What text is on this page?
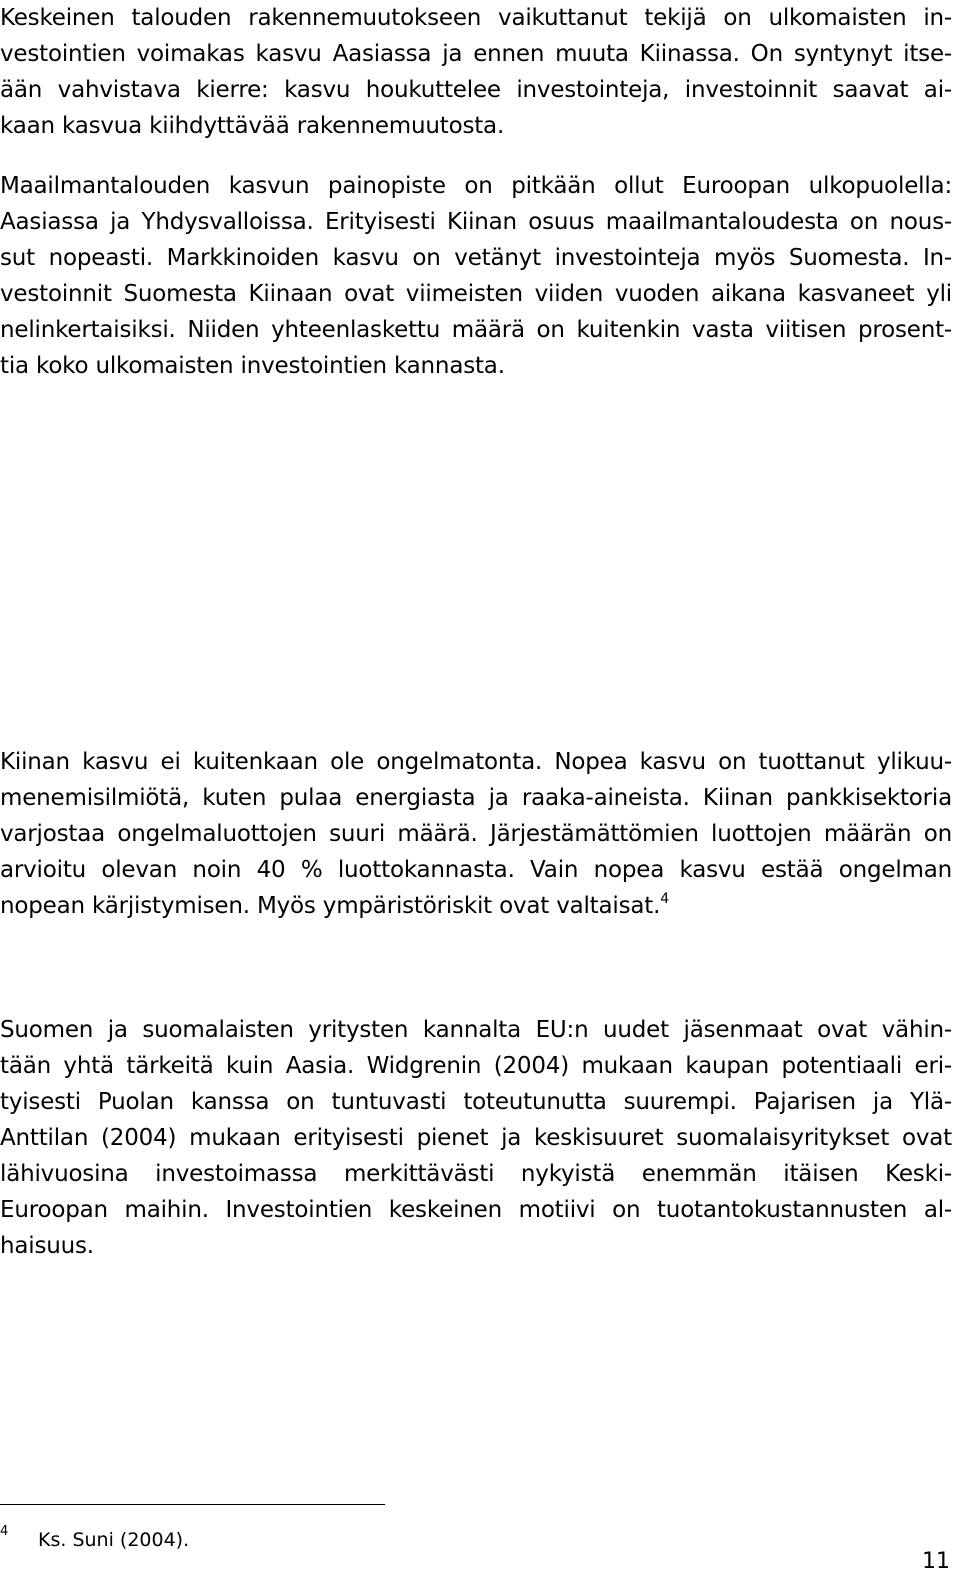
Keskeinen talouden rakennemuutokseen vaikuttanut tekijä on ulkomaisten in-
vestointien voimakas kasvu Aasiassa ja ennen muuta Kiinassa. On syntynyt itse-
ään vahvistava kierre: kasvu houkuttelee investointeja, investoinnit saavat ai-
kaan kasvua kiihdyttävää rakennemuutosta.

Maailmantalouden kasvun painopiste on pitkään ollut Euroopan ulkopuolella:
Aasiassa ja Yhdysvalloissa. Erityisesti Kiinan osuus maailmantaloudesta on nous-
sut nopeasti. Markkinoiden kasvu on vetänyt investointeja myös Suomesta. In-
vestoinnit Suomesta Kiinaan ovat viimeisten viiden vuoden aikana kasvaneet yli
nelinkertaisiksi. Niiden yhteenlaskettu määrä on kuitenkin vasta viitisen prosent-
tia koko ulkomaisten investointien kannasta.

Kiinan kasvu ei kuitenkaan ole ongelmatonta. Nopea kasvu on tuottanut ylikuu-
menemisilmiötä, kuten pulaa energiasta ja raaka-aineista. Kiinan pankkisektoria
varjostaa ongelmaluottojen suuri määrä. Järjestämättömien luottojen määrän on
arvioitu olevan noin 40 % luottokannasta. Vain nopea kasvu estää ongelman
nopean kärjistymisen. Myös ympäristöriskit ovat valtaisat.$^4$

Suomen ja suomalaisten yritysten kannalta EU:n uudet jäsenmaat ovat vähin-
tään yhtä tärkeitä kuin Aasia. Widgrenin (2004) mukaan kaupan potentiaali eri-
tyisesti Puolan kanssa on tuntuvasti toteutunutta suurempi. Pajarisen ja Ylä-
Anttilan (2004) mukaan erityisesti pienet ja keskisuuret suomalaisyritykset ovat
lähivuosina investoimassa merkittävästi nykyistä enemmän itäisen Keski-
Euroopan maihin. Investointien keskeinen motiivi on tuotantokustannusten al-
haisuus.

4 Ks. Suni (2004).
11
